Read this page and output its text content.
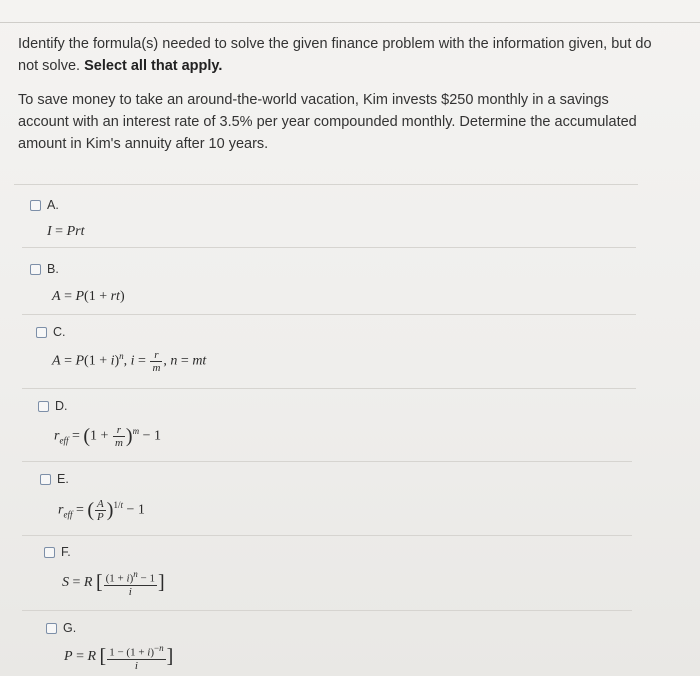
Identify the formula(s) needed to solve the given finance problem with the information given, but do not solve. Select all that apply.
To save money to take an around-the-world vacation, Kim invests $250 monthly in a savings account with an interest rate of 3.5% per year compounded monthly. Determine the accumulated amount in Kim's annuity after 10 years.
A.
I = Prt
B.
A = P(1 + rt)
C.
$A = P(1 + i)^n$, $i = \frac{r}{m}$ , n = mt
D.
$r_{eff} = (1 + \frac{r}{m} )^m - 1$
E.
$r_{eff}$ = ( $\frac{A}{P} )^{1/t} - 1$
F.
S = R [ $\frac{(1 + i)^n - 1}{i}$ ]
G.
P = R [ $\frac{1 - (1 + i)^{-n}}{i}$ ]
